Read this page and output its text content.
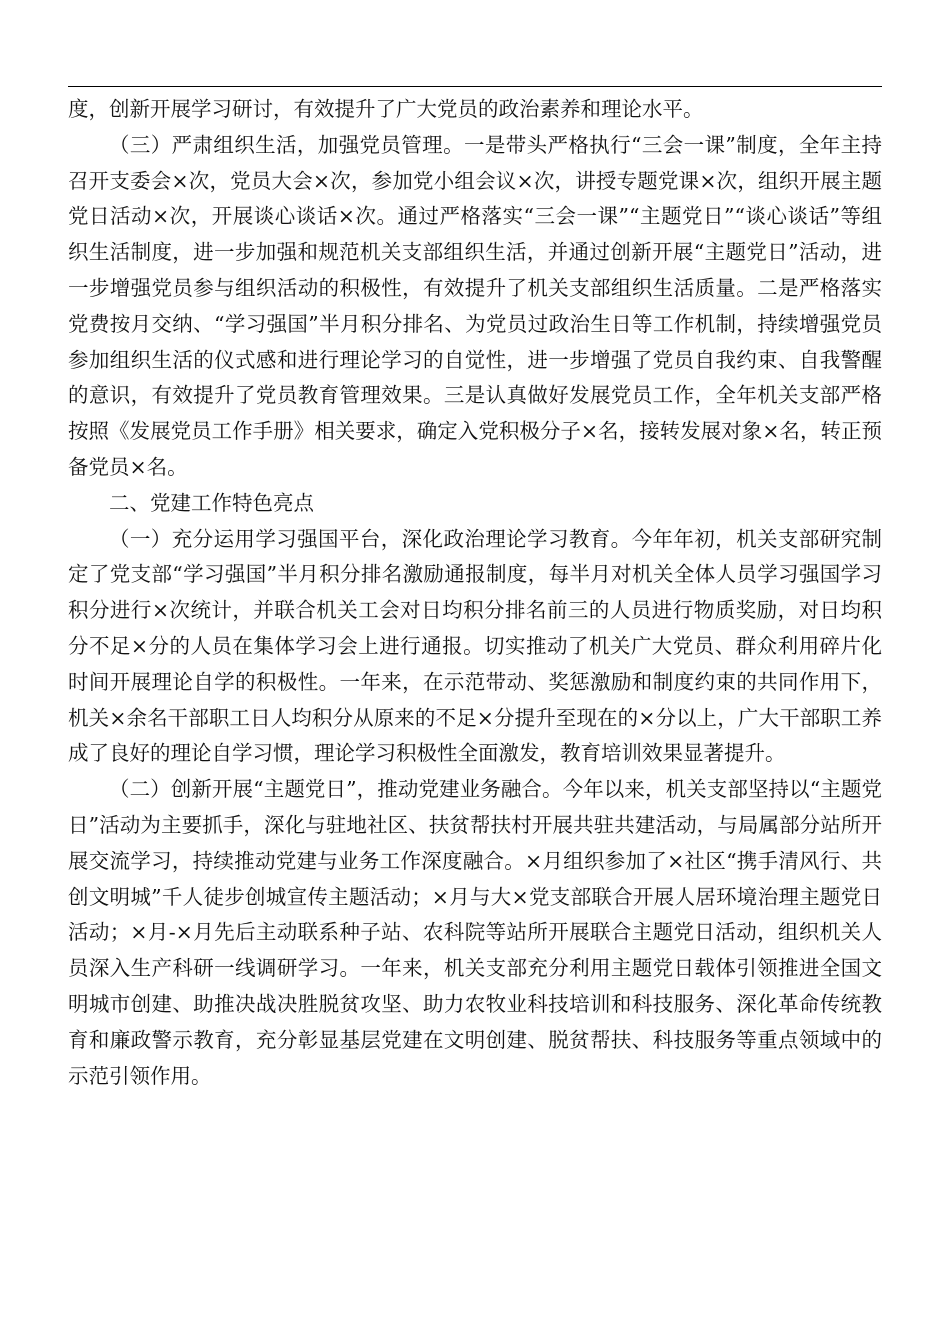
度，创新开展学习研讨，有效提升了广大党员的政治素养和理论水平。

（三）严肃组织生活，加强党员管理。一是带头严格执行“三会一课”制度，全年主持召开支委会×次，党员大会×次，参加党小组会议×次，讲授专题党课×次，组织开展主题党日活动×次，开展谈心谈话×次。通过严格落实“三会一课”“主题党日”“谈心谈话”等组织生活制度，进一步加强和规范机关支部组织生活，并通过创新开展“主题党日”活动，进一步增强党员参与组织活动的积极性，有效提升了机关支部组织生活质量。二是严格落实党费按月交纳、“学习强国”半月积分排名、为党员过政治生日等工作机制，持续增强党员参加组织生活的仪式感和进行理论学习的自觉性，进一步增强了党员自我约束、自我警醒的意识，有效提升了党员教育管理效果。三是认真做好发展党员工作，全年机关支部严格按照《发展党员工作手册》相关要求，确定入党积极分子×名，接转发展对象×名，转正预备党员×名。

二、党建工作特色亮点

（一）充分运用学习强国平台，深化政治理论学习教育。今年年初，机关支部研究制定了党支部“学习强国”半月积分排名激励通报制度，每半月对机关全体人员学习强国学习积分进行×次统计，并联合机关工会对日均积分排名前三的人员进行物质奖励，对日均积分不足×分的人员在集体学习会上进行通报。切实推动了机关广大党员、群众利用碎片化时间开展理论自学的积极性。一年来，在示范带动、奖惩激励和制度约束的共同作用下，机关×余名干部职工日人均积分从原来的不足×分提升至现在的×分以上，广大干部职工养成了良好的理论自学习惯，理论学习积极性全面激发，教育培训效果显著提升。

（二）创新开展“主题党日”，推动党建业务融合。今年以来，机关支部坚持以“主题党日”活动为主要抓手，深化与驻地社区、扶贫帮扶村开展共驻共建活动，与局属部分站所开展交流学习，持续推动党建与业务工作深度融合。×月组织参加了×社区“携手清风行、共创文明城”千人徒步创城宣传主题活动；×月与大×党支部联合开展人居环境治理主题党日活动；×月-×月先后主动联系种子站、农科院等站所开展联合主题党日活动，组织机关人员深入生产科研一线调研学习。一年来，机关支部充分利用主题党日载体引领推进全国文明城市创建、助推决战决胜脱贫攻坚、助力农牧业科技培训和科技服务、深化革命传统教育和廉政警示教育，充分彰显基层党建在文明创建、脱贫帮扶、科技服务等重点领域中的示范引领作用。
